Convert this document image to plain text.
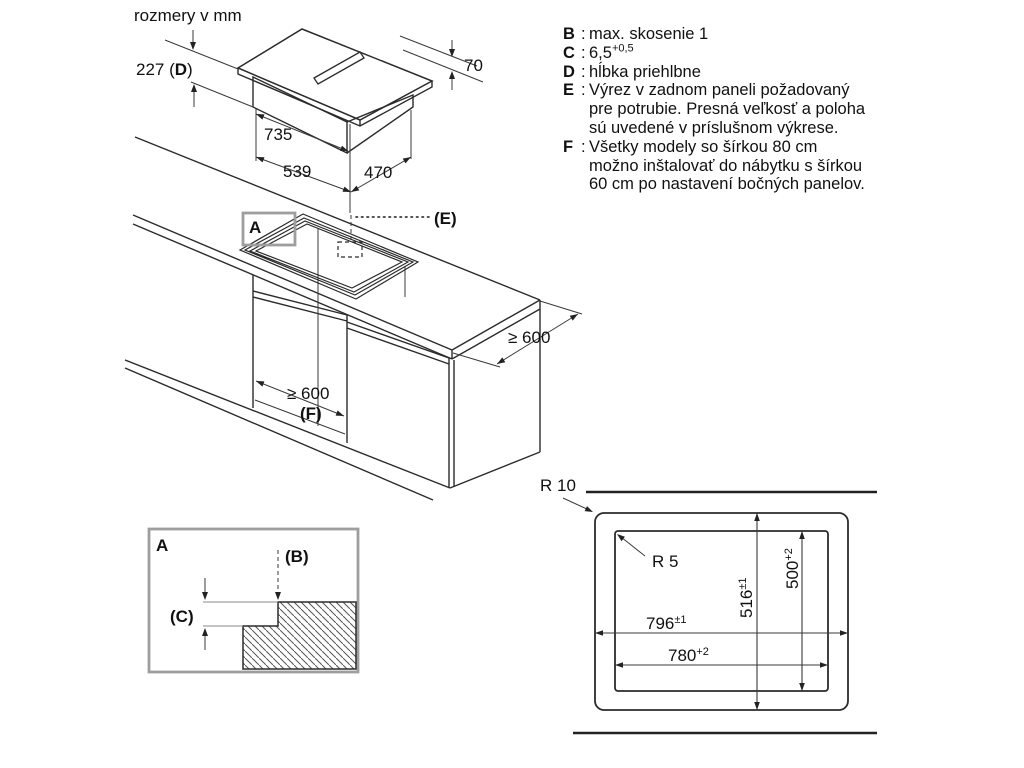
rozmery v mm
227 (D)	70
735
539	470
A	(E)
≥ 600
≥ 600
(F)
A
(C)
(B)
R 10
R 5
$796^{\pm 1}$
$780^{+2}$
$516^{\pm 1}$	$500^{+2}$
B : max. skosenie 1
C : $6,5^{+0,5}$
D : hĺbka priehlbne
E : Výrez v zadnom paneli požadovaný
pre potrubie. Presná veľkosť a poloha
sú uvedené v príslušnom výkrese.
F : Všetky modely so šírkou 80 cm
možno inštalovať do nábytku s šírkou
60 cm po nastavení bočných panelov.
